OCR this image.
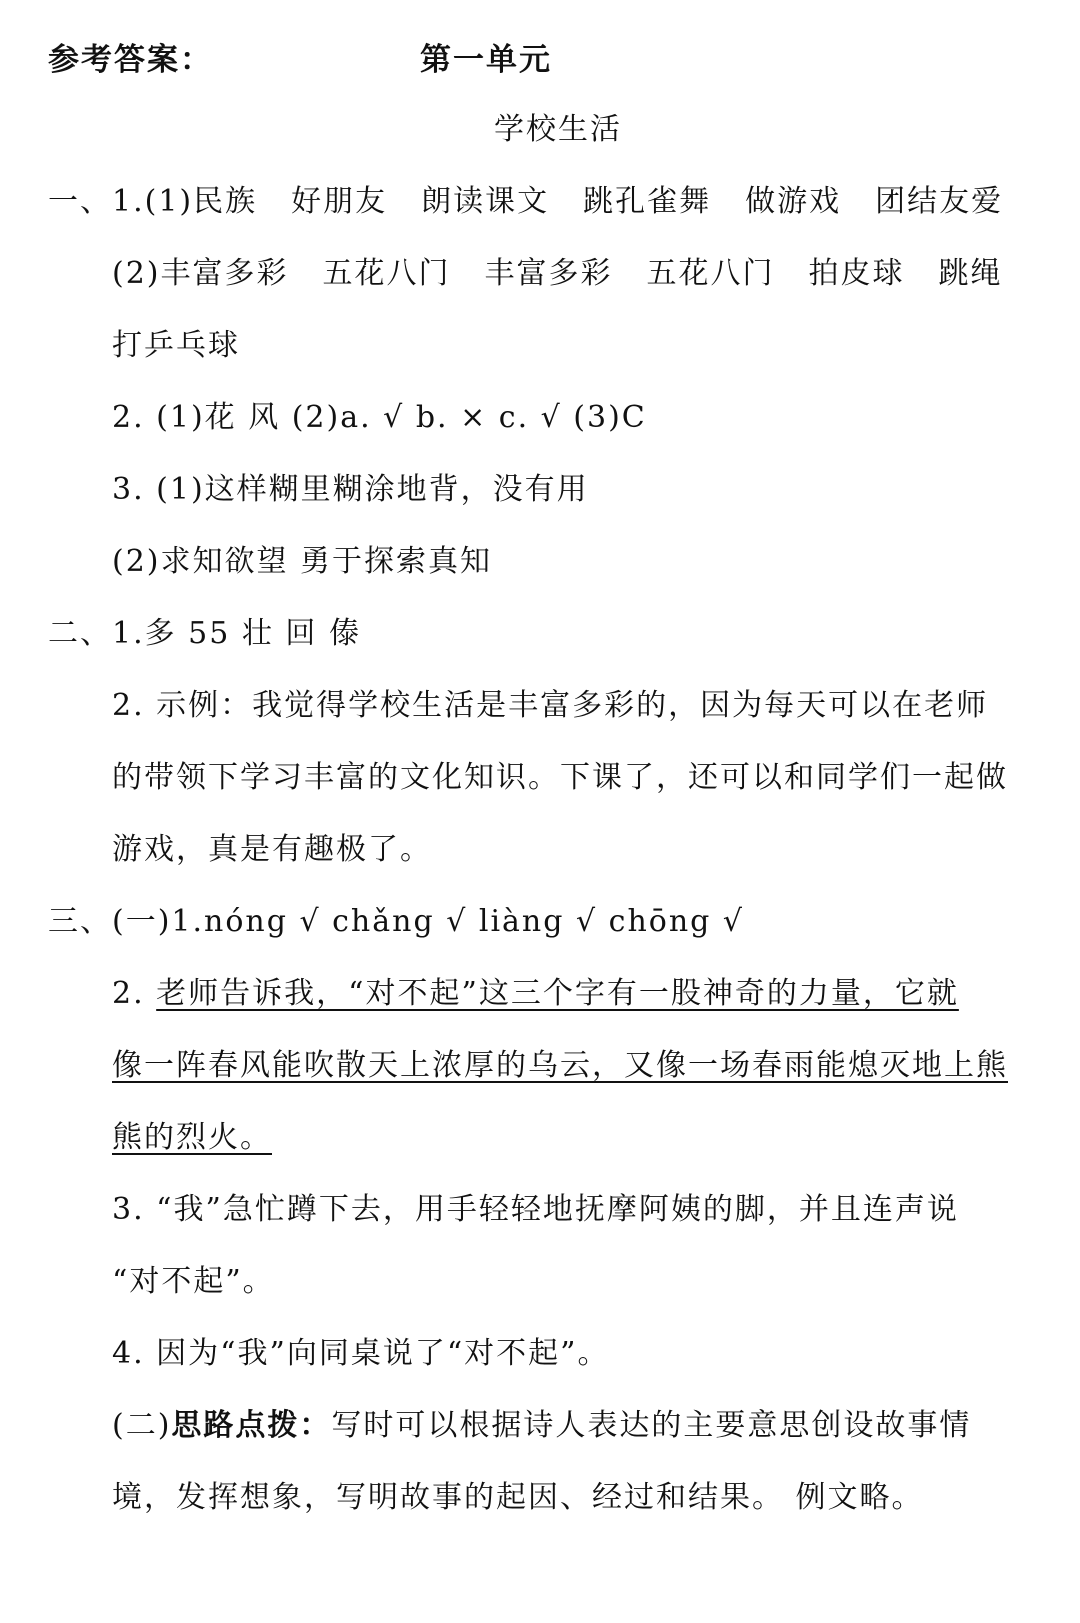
参考答案：	第一单元
学校生活
一、1.(1)民族 好朋友 朗读课文 跳孔雀舞 做游戏 团结友爱
(2)丰富多彩 五花八门 丰富多彩 五花八门 拍皮球 跳绳
打乒乓球
2. (1)花 风 (2)a. √ b. × c. √ (3)C
3. (1)这样糊里糊涂地背，没有用
(2)求知欲望 勇于探索真知
二、1.多 55 壮 回 傣
2. 示例：我觉得学校生活是丰富多彩的，因为每天可以在老师
的带领下学习丰富的文化知识。下课了，还可以和同学们一起做
游戏，真是有趣极了。
三、(一)1.nóng √ chǎng √ liàng √ chōng √
2. 老师告诉我，“对不起”这三个字有一股神奇的力量，它就
像一阵春风能吹散天上浓厚的乌云，又像一场春雨能熄灭地上熊
熊的烈火。
3. “我”急忙蹲下去，用手轻轻地抚摩阿姨的脚，并且连声说
“对不起”。
4. 因为“我”向同桌说了“对不起”。
(二)思路点拨：写时可以根据诗人表达的主要意思创设故事情
境，发挥想象，写明故事的起因、经过和结果。 例文略。
